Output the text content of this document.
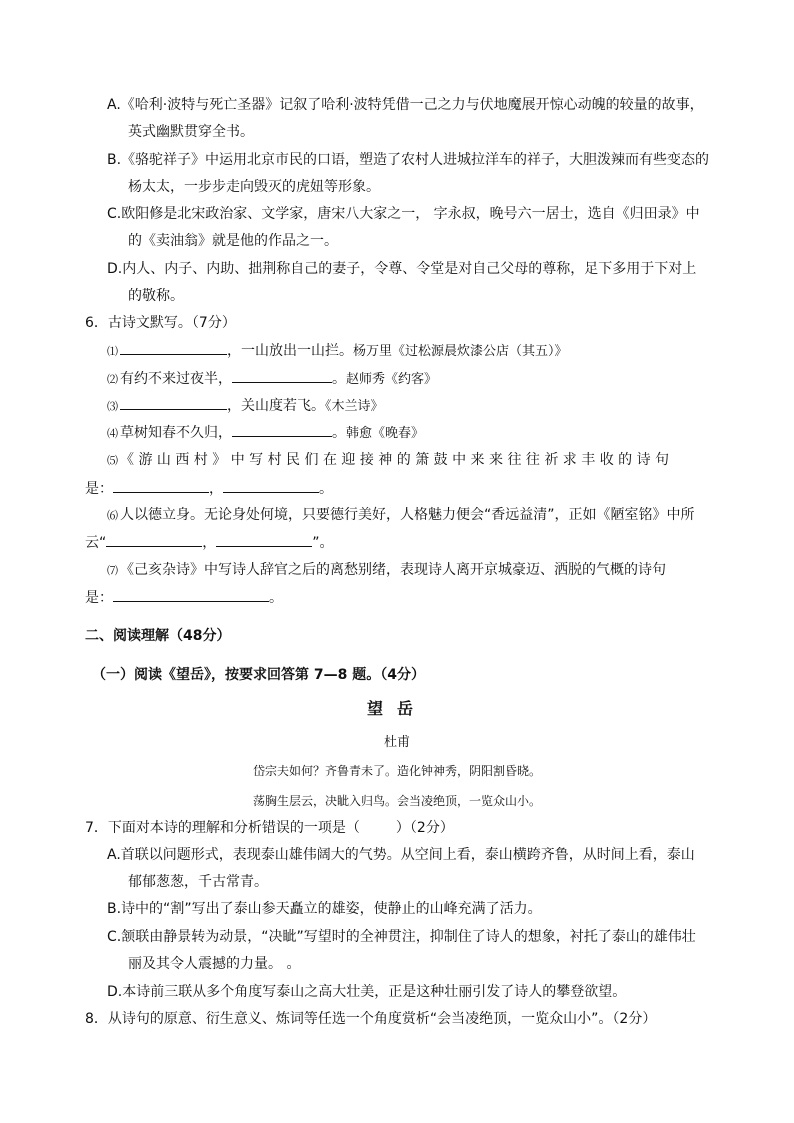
A.《哈利·波特与死亡圣器》记叙了哈利·波特凭借一己之力与伏地魔展开惊心动魄的较量的故事，
英式幽默贯穿全书。
B.《骆驼祥子》中运用北京市民的口语，塑造了农村人进城拉洋车的祥子，大胆泼辣而有些变态的
杨太太，一步步走向毁灭的虎妞等形象。
C.欧阳修是北宋政治家、文学家，唐宋八大家之一， 字永叔，晚号六一居士，选自《归田录》中
的《卖油翁》就是他的作品之一。
D.内人、内子、内助、拙荆称自己的妻子，令尊、令堂是对自己父母的尊称，足下多用于下对上
的敬称。
6．古诗文默写。（7分）
⑴	，一山放出一山拦。杨万里《过松源晨炊漆公店（其五）》
⑵ 有约不来过夜半，	。赵师秀《约客》
⑶	，关山度若飞。《木兰诗》
⑷ 草树知春不久归，	。韩愈《晚春》
⑸ 《 游 山 西 村 》 中 写 村 民 们 在 迎 接 神 的 箫 鼓 中 来 来 往 往 祈 求 丰 收 的 诗 句
是：	，	。
⑹ 人以德立身。无论身处何境，只要德行美好，人格魅力便会“香远益清”，正如《陋室铭》中所
云“	，	”。
⑺ 《己亥杂诗》中写诗人辞官之后的离愁别绪，表现诗人离开京城豪迈、洒脱的气概的诗句
是：	。
二、阅读理解（48分）
（一）阅读《望岳》，按要求回答第 7—8 题。（4分）
望岳
杜甫
岱宗夫如何？齐鲁青未了。造化钟神秀，阴阳割昏晓。
荡胸生层云，决眦入归鸟。会当凌绝顶，一览众山小。
7．下面对本诗的理解和分析错误的一项是（	）（2分）
A.首联以问题形式，表现泰山雄伟阔大的气势。从空间上看，泰山横跨齐鲁，从时间上看，泰山
郁郁葱葱，千古常青。
B.诗中的“割”写出了泰山参天矗立的雄姿，使静止的山峰充满了活力。
C.颔联由静景转为动景，“决眦”写望时的全神贯注，抑制住了诗人的想象，衬托了泰山的雄伟壮
丽及其令人震撼的力量。 。
D.本诗前三联从多个角度写泰山之高大壮美，正是这种壮丽引发了诗人的攀登欲望。
8．从诗句的原意、衍生意义、炼词等任选一个角度赏析“会当凌绝顶，一览众山小”。（2分）
